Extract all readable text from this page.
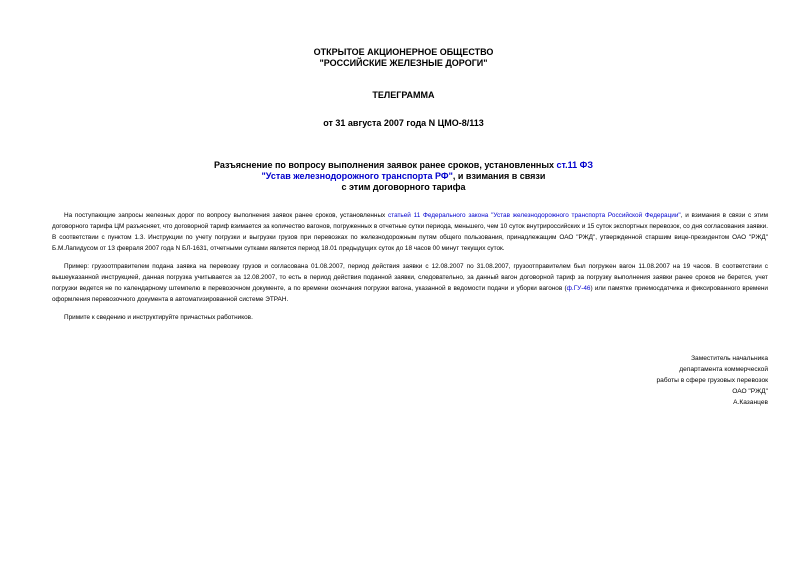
ОТКРЫТОЕ АКЦИОНЕРНОЕ ОБЩЕСТВО
"РОССИЙСКИЕ ЖЕЛЕЗНЫЕ ДОРОГИ"
ТЕЛЕГРАММА
от 31 августа 2007 года N ЦМО-8/113
Разъяснение по вопросу выполнения заявок ранее сроков, установленных ст.11 ФЗ
"Устав железнодорожного транспорта РФ", и взимания в связи
с этим договорного тарифа
На поступающие запросы железных дорог по вопросу выполнения заявок ранее сроков, установленных статьей 11 Федерального закона "Устав железнодорожного транспорта Российской Федерации", и взимания в связи с этим договорного тарифа ЦМ разъясняет, что договорной тариф взимается за количество вагонов, погруженных в отчетные сутки периода, меньшего, чем 10 суток внутрироссийских и 15 суток экспортных перевозок, со дня согласования заявки. В соответствии с пунктом 1.3. Инструкции по учету погрузки и выгрузки грузов при перевозках по железнодорожным путям общего пользования, принадлежащим ОАО "РЖД", утвержденной старшим вице-президентом ОАО "РЖД" Б.М.Лапидусом от 13 февраля 2007 года N БЛ-1631, отчетными сутками является период 18.01 предыдущих суток до 18 часов 00 минут текущих суток.
Пример: грузоотправителем подана заявка на перевозку грузов и согласована 01.08.2007, период действия заявки с 12.08.2007 по 31.08.2007, грузоотправителем был погружен вагон 11.08.2007 на 19 часов. В соответствии с вышеуказанной инструкцией, данная погрузка учитывается за 12.08.2007, то есть в период действия поданной заявки, следовательно, за данный вагон договорной тариф за погрузку выполнения заявки ранее сроков не берется, учет погрузки ведется не по календарному штемпелю в перевозочном документе, а по времени окончания погрузки вагона, указанной в ведомости подачи и уборки вагонов (ф.ГУ-46) или памятке приемосдатчика и фиксированного времени оформления перевозочного документа в автоматизированной системе ЭТРАН.
Примите к сведению и инструктируйте причастных работников.
Заместитель начальника
департамента коммерческой
работы в сфере грузовых перевозок
ОАО "РЖД"
А.Казанцев
